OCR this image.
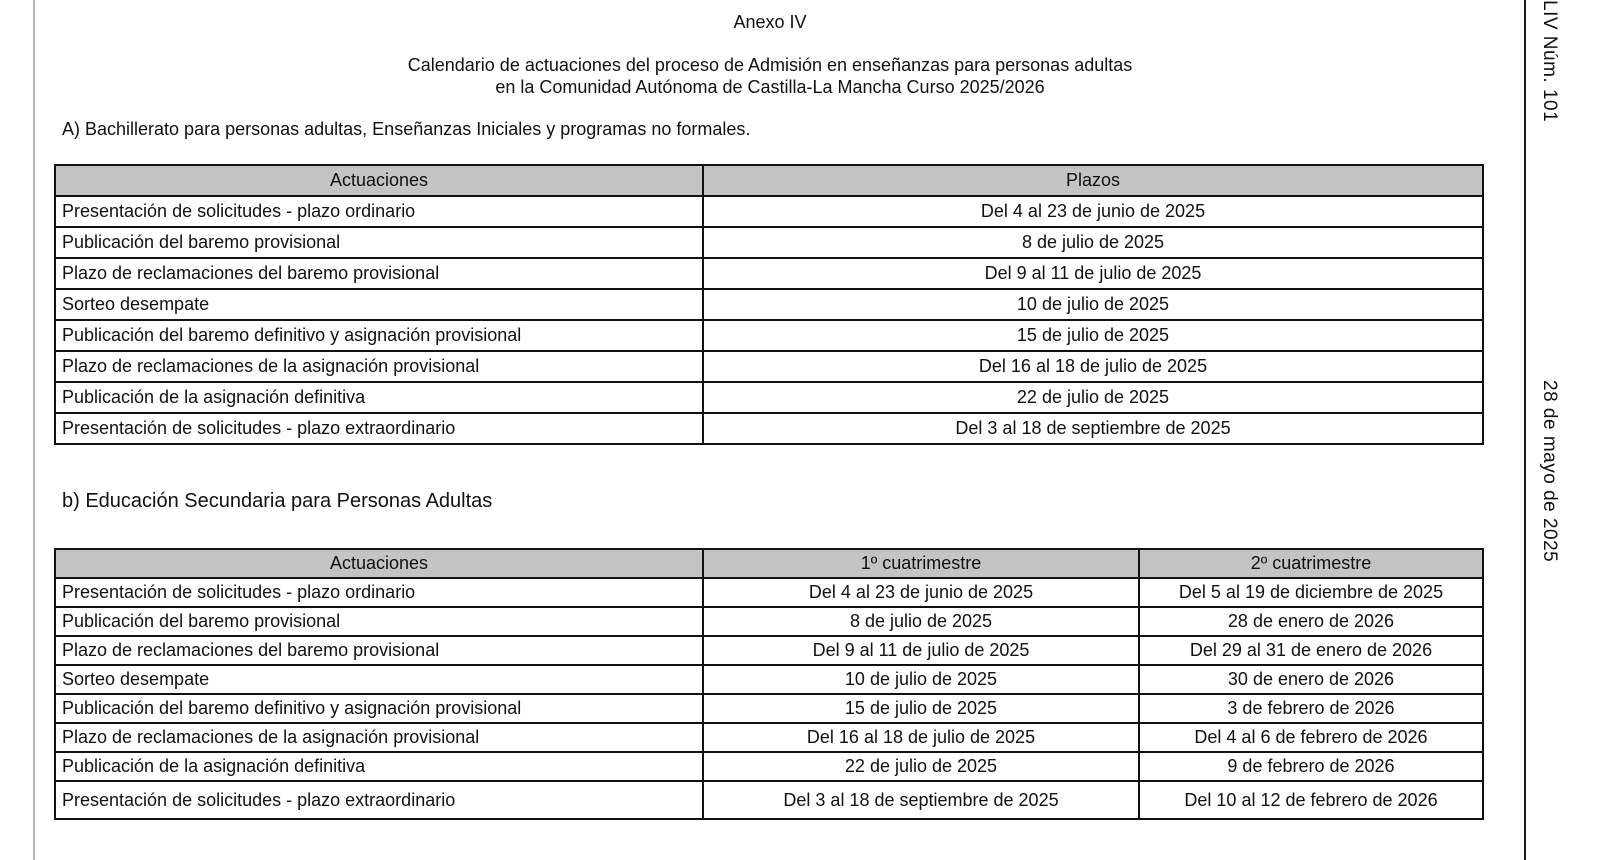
LIV Núm. 101
28 de mayo de 2025
Anexo IV
Calendario de actuaciones del proceso de Admisión en enseñanzas para personas adultas
en la Comunidad Autónoma de Castilla-La Mancha Curso 2025/2026
A) Bachillerato para personas adultas, Enseñanzas Iniciales y programas no formales.
Actuaciones	Plazos
Presentación de solicitudes - plazo ordinario	Del 4 al 23 de junio de 2025
Publicación del baremo provisional	8 de julio de 2025
Plazo de reclamaciones del baremo provisional	Del 9 al 11 de julio de 2025
Sorteo desempate	10 de julio de 2025
Publicación del baremo definitivo y asignación provisional	15 de julio de 2025
Plazo de reclamaciones de la asignación provisional	Del 16 al 18 de julio de 2025
Publicación de la asignación definitiva	22 de julio de 2025
Presentación de solicitudes - plazo extraordinario	Del 3 al 18 de septiembre de 2025
b) Educación Secundaria para Personas Adultas
Actuaciones	1º cuatrimestre	2º cuatrimestre
Presentación de solicitudes - plazo ordinario	Del 4 al 23 de junio de 2025	Del 5 al 19 de diciembre de 2025
Publicación del baremo provisional	8 de julio de 2025	28 de enero de 2026
Plazo de reclamaciones del baremo provisional	Del 9 al 11 de julio de 2025	Del 29 al 31 de enero de 2026
Sorteo desempate	10 de julio de 2025	30 de enero de 2026
Publicación del baremo definitivo y asignación provisional	15 de julio de 2025	3 de febrero de 2026
Plazo de reclamaciones de la asignación provisional	Del 16 al 18 de julio de 2025	Del 4 al 6 de febrero de 2026
Publicación de la asignación definitiva	22 de julio de 2025	9 de febrero de 2026
Presentación de solicitudes - plazo extraordinario	Del 3 al 18 de septiembre de 2025	Del 10 al 12 de febrero de 2026
